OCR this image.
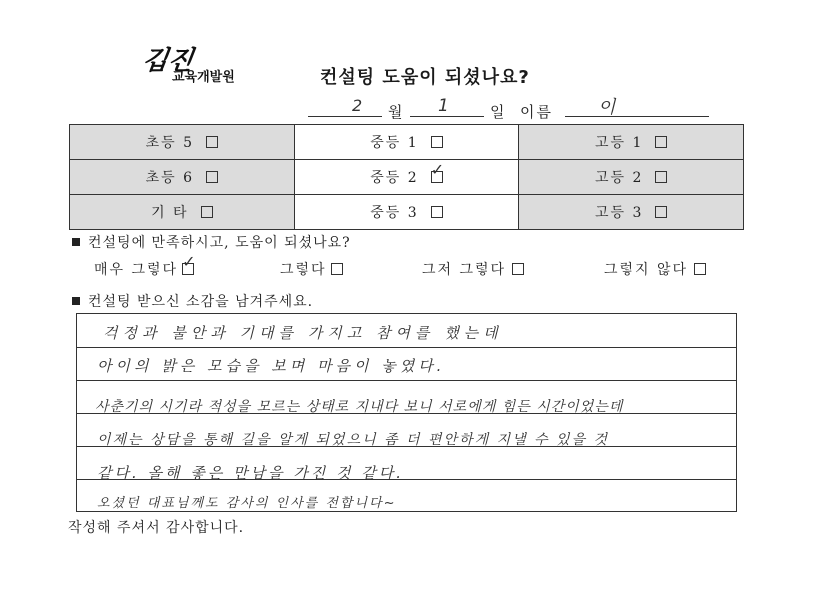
깁진
교육개발원	컨설팅 도움이 되셨나요?
2 월 1	일 이름	이
초등 5	중등 1	고등 1
초등 6	중등 2✓	고등 2
기 타	중등 3	고등 3
컨설팅에 만족하시고, 도움이 되셨나요?
매우 그렇다 ✓	그렇다	그저 그렇다	그렇지 않다
컨설팅 받으신 소감을 남겨주세요.
걱정과 불안과 기대를 가지고 참여를 했는데
아이의 밝은 모습을 보며 마음이 놓였다.
사춘기의 시기라 적성을 모르는 상태로 지내다 보니 서로에게 힘든 시간이었는데
이제는 상담을 통해 길을 알게 되었으니 좀 더 편안하게 지낼 수 있을 것
같다. 올해 좋은 만남을 가진 것 같다.
오셨던 대표님께도 감사의 인사를 전합니다~
작성해 주셔서 감사합니다.
